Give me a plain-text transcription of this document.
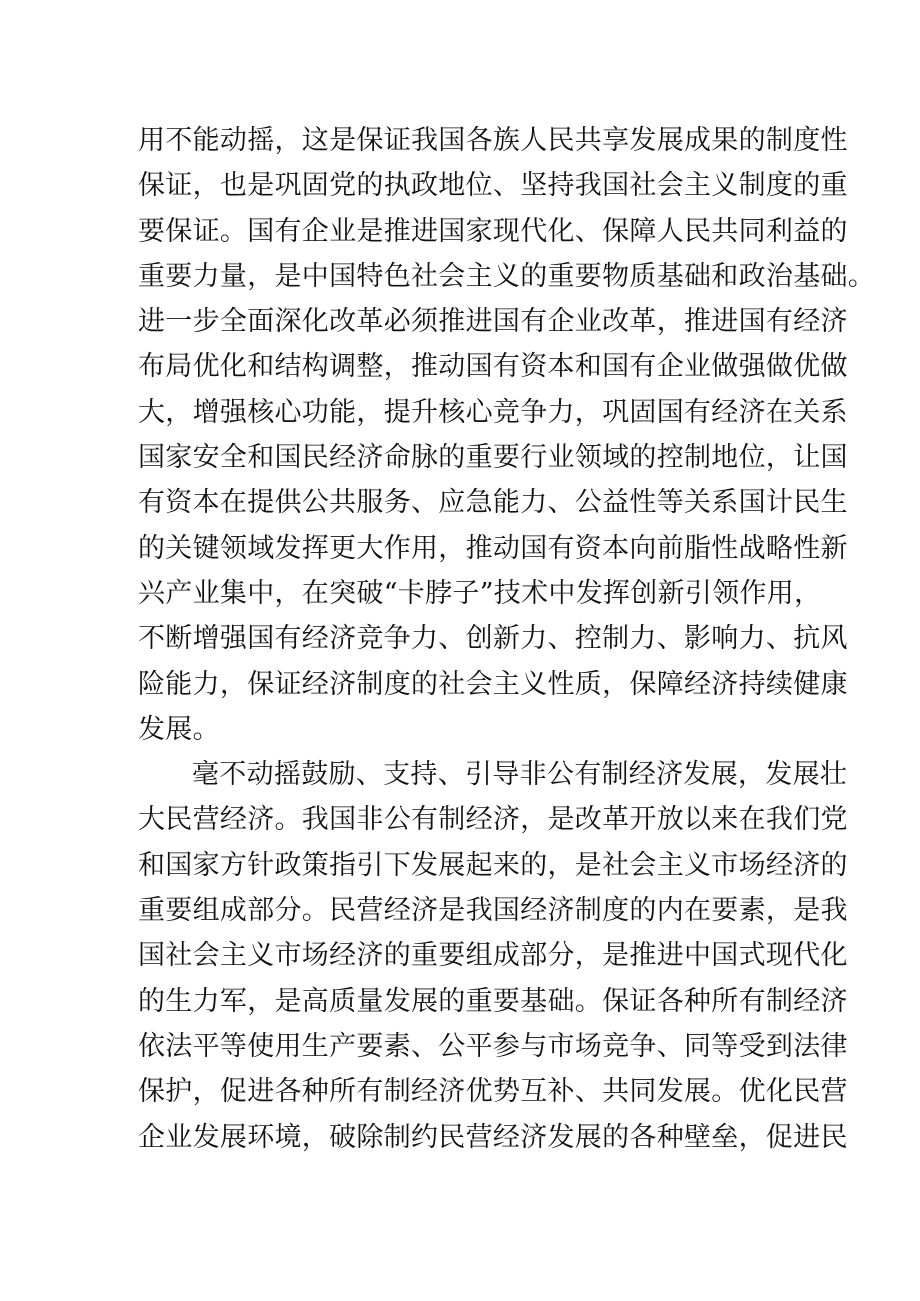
用不能动摇，这是保证我国各族人民共享发展成果的制度性
保证，也是巩固党的执政地位、坚持我国社会主义制度的重
要保证。国有企业是推进国家现代化、保障人民共同利益的
重要力量，是中国特色社会主义的重要物质基础和政治基础。
进一步全面深化改革必须推进国有企业改革，推进国有经济
布局优化和结构调整，推动国有资本和国有企业做强做优做
大，增强核心功能，提升核心竞争力，巩固国有经济在关系
国家安全和国民经济命脉的重要行业领域的控制地位，让国
有资本在提供公共服务、应急能力、公益性等关系国计民生
的关键领域发挥更大作用，推动国有资本向前脂性战略性新
兴产业集中，在突破“卡脖子”技术中发挥创新引领作用，
不断增强国有经济竞争力、创新力、控制力、影响力、抗风
险能力，保证经济制度的社会主义性质，保障经济持续健康
发展。
毫不动摇鼓励、支持、引导非公有制经济发展，发展壮
大民营经济。我国非公有制经济，是改革开放以来在我们党
和国家方针政策指引下发展起来的，是社会主义市场经济的
重要组成部分。民营经济是我国经济制度的内在要素，是我
国社会主义市场经济的重要组成部分，是推进中国式现代化
的生力军，是高质量发展的重要基础。保证各种所有制经济
依法平等使用生产要素、公平参与市场竞争、同等受到法律
保护，促进各种所有制经济优势互补、共同发展。优化民营
企业发展环境，破除制约民营经济发展的各种壁垒，促进民
